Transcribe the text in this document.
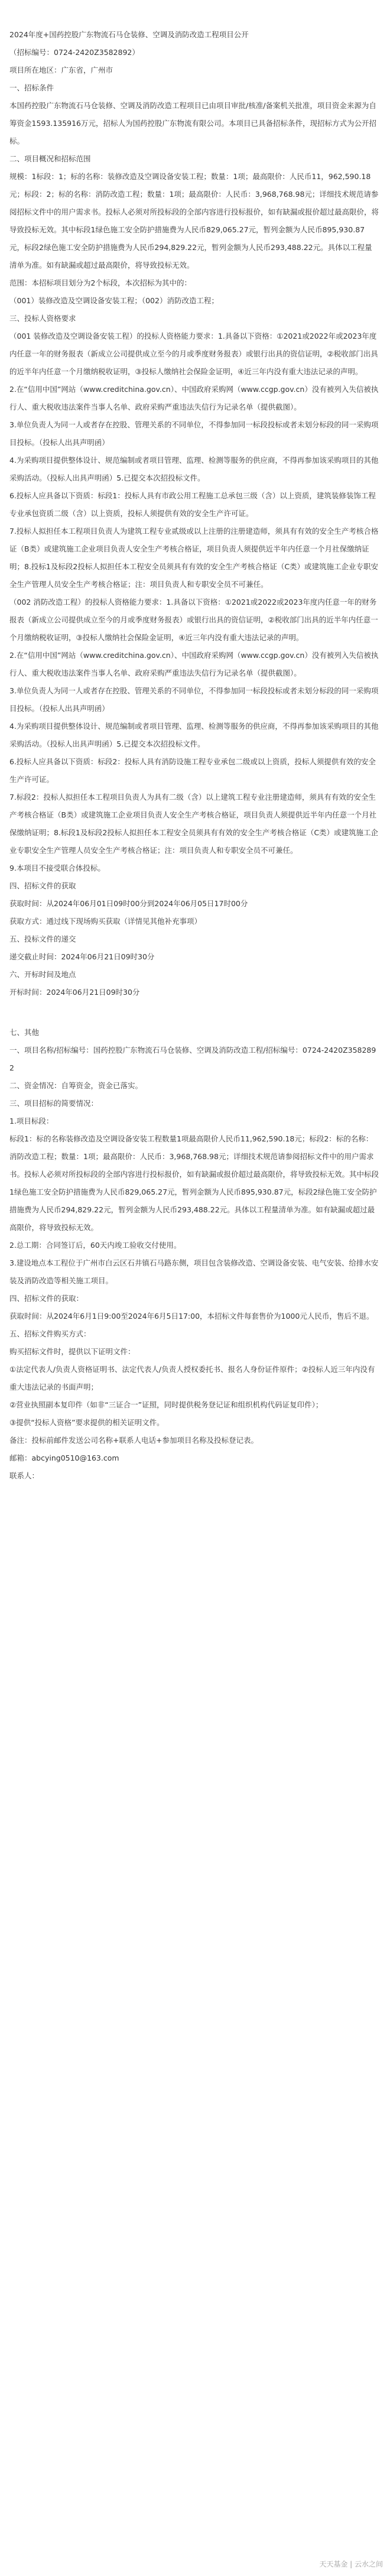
2024年度+国药控股广东物流石马仓装修、空调及消防改造工程项目公开

（招标编号：0724-2420Z3582892）

项目所在地区：广东省，广州市

一、招标条件

本国药控股广东物流石马仓装修、空调及消防改造工程项目已由项目审批/核准/备案机关批准，项目资金来源为自筹资金1593.135916万元，招标人为国药控股广东物流有限公司。本项目已具备招标条件，现招标方式为公开招标。

二、项目概况和招标范围

规模：1标段：1；标的名称：装修改造及空调设备安装工程；数量：1项；最高限价：人民币11，962,590.18元；标段：2；标的名称：消防改造工程；数量：1项；最高限价：人民币：3,968,768.98元；详细技术规范请参阅招标文件中的用户需求书。投标人必须对所投标段的全部内容进行投标报价，如有缺漏或报价超过最高限价，将导致投标无效。其中标段1绿色施工安全防护措施费为人民币829,065.27元，暂列金额为人民币895,930.87元，标段2绿色施工安全防护措施费为人民币294,829.22元，暂列金额为人民币293,488.22元。具体以工程量清单为准。如有缺漏或超过最高限价，将导致投标无效。

范围：本招标项目划分为2个标段，本次招标为其中的：

（001）装修改造及空调设备安装工程；（002）消防改造工程；

三、投标人资格要求

（001 装修改造及空调设备安装工程）的投标人资格能力要求：1.具备以下资格：①2021或2022年或2023年度内任意一年的财务报表（新成立公司提供成立至今的月或季度财务报表）或银行出具的资信证明，②税收部门出具的近半年内任意一个月缴纳税收证明，③投标人缴纳社会保险金证明，④近三年内没有重大违法记录的声明。

2.在“信用中国”网站（www.creditchina.gov.cn）、中国政府采购网（www.ccgp.gov.cn）没有被列入失信被执行人、重大税收违法案件当事人名单、政府采购严重违法失信行为记录名单（提供截图）。

3.单位负责人为同一人或者存在控股、管理关系的不同单位，不得参加同一标段投标或者未划分标段的同一采购项目投标。（投标人出具声明函）

4.为采购项目提供整体设计、规范编制或者项目管理、监理、检测等服务的供应商，不得再参加该采购项目的其他采购活动。（投标人出具声明函）5.已提交本次招投标文件。

6.投标人应具备以下资质：标段1：投标人具有市政公用工程施工总承包三级（含）以上资质，建筑装修装饰工程专业承包资质二级（含）以上资质，投标人须提供有效的安全生产许可证。

7.投标人拟担任本工程项目负责人为建筑工程专业贰级或以上注册的注册建造师，须具有有效的安全生产考核合格证（B类）或建筑施工企业项目负责人安全生产考核合格证，项目负责人须提供近半年内任意一个月社保缴纳证明；8.投标1及标段2投标人拟担任本工程安全员须具有有效的安全生产考核合格证（C类）或建筑施工企业专职安全生产管理人员安全生产考核合格证；注：项目负责人和专职安全员不可兼任。

（002 消防改造工程）的投标人资格能力要求：1.具备以下资格：①2021或2022或2023年度内任意一年的财务报表（新成立公司提供成立至今的月或季度财务报表）或银行出具的资信证明，②税收部门出具的近半年内任意一个月缴纳税收证明，③投标人缴纳社会保险金证明，④近三年内没有重大违法记录的声明。

2.在“信用中国”网站（www.creditchina.gov.cn）、中国政府采购网（www.ccgp.gov.cn）没有被列入失信被执行人、重大税收违法案件当事人名单、政府采购严重违法失信行为记录名单（提供截图）。

3.单位负责人为同一人或者存在控股、管理关系的不同单位，不得参加同一标段投标或者未划分标段的同一采购项目投标。（投标人出具声明函）

4.为采购项目提供整体设计、规范编制或者项目管理、监理、检测等服务的供应商，不得再参加该采购项目的其他采购活动。（投标人出具声明函）5.已提交本次招投标文件。

6.投标人应具备以下资质：标段2：投标人具有消防设施工程专业承包二级或以上资质，投标人须提供有效的安全生产许可证。

7.标段2：投标人拟担任本工程项目负责人为具有二级（含）以上建筑工程专业注册建造师，须具有有效的安全生产考核合格证（B类）或建筑施工企业项目负责人安全生产考核合格证，项目负责人须提供近半年内任意一个月社保缴纳证明；8.标段1及标段2投标人拟担任本工程安全员须具有有效的安全生产考核合格证（C类）或建筑施工企业专职安全生产管理人员安全生产考核合格证；注：项目负责人和专职安全员不可兼任。

9.本项目不接受联合体投标。

四、招标文件的获取

获取时间：从2024年06月01日09时00分到2024年06月05日17时00分

获取方式：通过线下现场购买获取（详情见其他补充事项）

五、投标文件的递交

递交截止时间：2024年06月21日09时30分

六、开标时间及地点

开标时间：2024年06月21日09时30分

七、其他

一、项目名称/招标编号：国药控股广东物流石马仓装修、空调及消防改造工程/招标编号：0724-2420Z3582892

二、资金情况：自筹资金，资金已落实。

三、项目招标的简要情况：

1.项目标段：

标段1：标的名称装修改造及空调设备安装工程数量1项最高限价人民币11,962,590.18元；标段2：标的名称：消防改造工程；数量：1项；最高限价：人民币：3,968,768.98元；详细技术规范请参阅招标文件中的用户需求书。投标人必须对所投标段的全部内容进行投标报价，如有缺漏或报价超过最高限价，将导致投标无效。其中标段1绿色施工安全防护措施费为人民币829,065.27元，暂列金额为人民币895,930.87元，标段2绿色施工安全防护措施费为人民币294,829.22元，暂列金额为人民币293,488.22元。具体以工程量清单为准。如有缺漏或超过最高限价，将导致投标无效。

2.总工期：合同签订后，60天内竣工验收交付使用。

3.建设地点本工程位于广州市白云区石井镇石马路东侧，项目包含装修改造、空调设备安装、电气安装、给排水安装及消防改造等相关施工项目。

四、招标文件的获取：

获取时间：从2024年6月1日9:00至2024年6月5日17:00，本招标文件每套售价为1000元人民币，售后不退。

五、招标文件购买方式：

购买招标文件时，提供以下证明文件：

①法定代表人/负责人资格证明书、法定代表人/负责人授权委托书、报名人身份证件原件；②投标人近三年内没有重大违法记录的书面声明；

②营业执照副本复印件（如非“三证合一”证照，同时提供税务登记证和组织机构代码证复印件）；

③提供“投标人资格”要求提供的相关证明文件。

备注：投标前邮件发送公司名称+联系人电话+参加项目名称及投标登记表。

邮箱：abcying0510@163.com

联系人：

天天基金 | 云水之间
